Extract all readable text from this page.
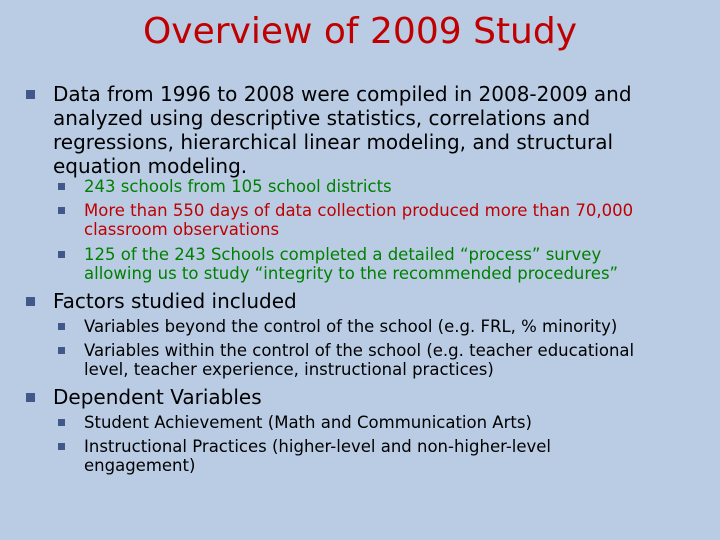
Overview of 2009 Study
Data from 1996 to 2008 were compiled in 2008-2009 and
analyzed using descriptive statistics, correlations and
regressions, hierarchical linear modeling, and structural
equation modeling.
243 schools from 105 school districts
More than 550 days of data collection produced more than 70,000
classroom observations
125 of the 243 Schools completed a detailed “process” survey
allowing us to study “integrity to the recommended procedures”
Factors studied included
Variables beyond the control of the school (e.g. FRL, % minority)
Variables within the control of the school (e.g. teacher educational
level, teacher experience, instructional practices)
Dependent Variables
Student Achievement (Math and Communication Arts)
Instructional Practices (higher-level and non-higher-level
engagement)
